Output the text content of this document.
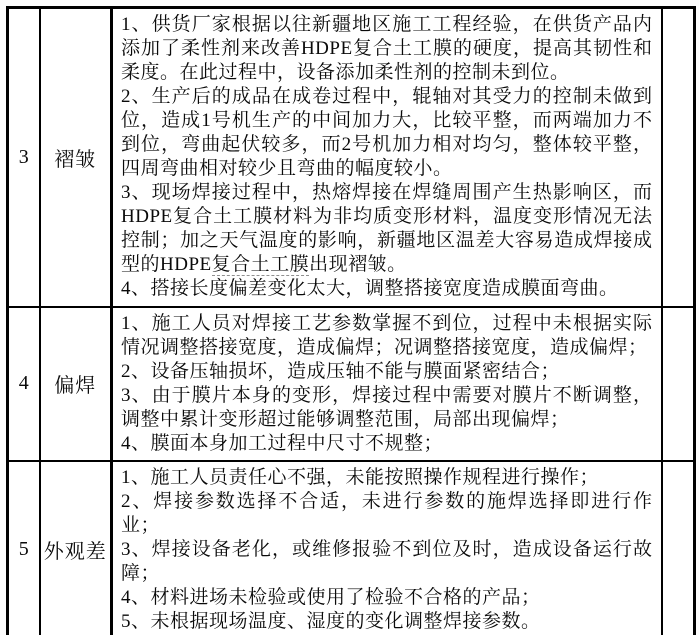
3	褶皱	1、供货厂家根据以往新疆地区施工工程经验，在供货产品内添加了柔性剂来改善HDPE复合土工膜的硬度，提高其韧性和柔度。在此过程中，设备添加柔性剂的控制未到位。

2、生产后的成品在成卷过程中，辊轴对其受力的控制未做到位，造成1号机生产的中间加力大，比较平整，而两端加力不到位，弯曲起伏较多，而2号机加力相对均匀，整体较平整，四周弯曲相对较少且弯曲的幅度较小。

3、现场焊接过程中，热熔焊接在焊缝周围产生热影响区，而HDPE复合土工膜材料为非均质变形材料，温度变形情况无法控制；加之天气温度的影响，新疆地区温差大容易造成焊接成型的HDPE复合土工膜出现褶皱。

4、搭接长度偏差变化太大，调整搭接宽度造成膜面弯曲。	

4	偏焊	1、施工人员对焊接工艺参数掌握不到位，过程中未根据实际情况调整搭接宽度，造成偏焊；况调整搭接宽度，造成偏焊；

2、设备压轴损坏，造成压轴不能与膜面紧密结合；

3、由于膜片本身的变形，焊接过程中需要对膜片不断调整，调整中累计变形超过能够调整范围，局部出现偏焊；

4、膜面本身加工过程中尺寸不规整；	

5	外观差	1、施工人员责任心不强，未能按照操作规程进行操作；

2、焊接参数选择不合适，未进行参数的施焊选择即进行作业；

3、焊接设备老化，或维修报验不到位及时，造成设备运行故障；

4、材料进场未检验或使用了检验不合格的产品；

5、未根据现场温度、湿度的变化调整焊接参数。	
